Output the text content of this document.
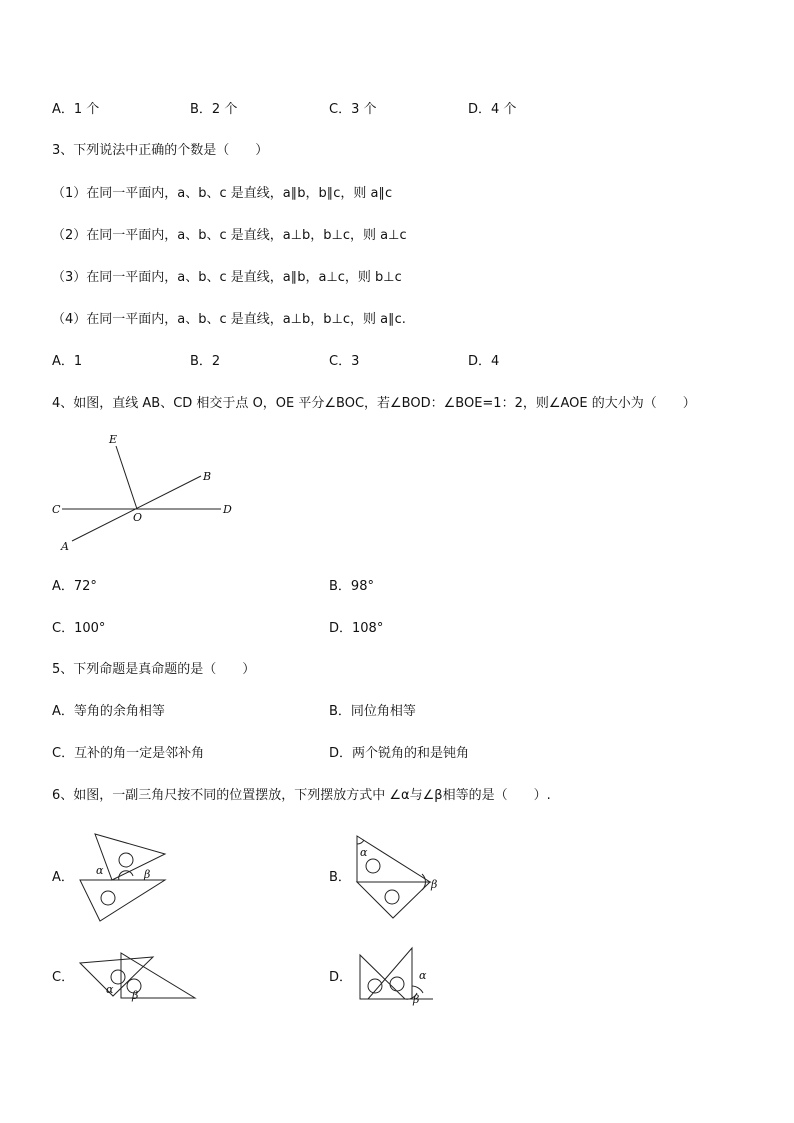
A．1 个	B．2 个	C．3 个	D．4 个
3、下列说法中正确的个数是（　　）
（1）在同一平面内，a、b、c 是直线，a∥b，b∥c，则 a∥c
（2）在同一平面内，a、b、c 是直线，a⊥b，b⊥c，则 a⊥c
（3）在同一平面内，a、b、c 是直线，a∥b，a⊥c，则 b⊥c
（4）在同一平面内，a、b、c 是直线，a⊥b，b⊥c，则 a∥c.
A．1	B．2	C．3	D．4
4、如图，直线 AB、CD 相交于点 O，OE 平分∠BOC，若∠BOD：∠BOE=1：2，则∠AOE 的大小为（　　）
E
B
C
O
D
A
A．72°	B．98°
C．100°	D．108°
5、下列命题是真命题的是（　　）
A．等角的余角相等	B．同位角相等
C．互补的角一定是邻补角	D．两个锐角的和是钝角
6、如图，一副三角尺按不同的位置摆放，下列摆放方式中 ∠α与∠β相等的是（　　）.
A．	B．
C．	D．
α	β
α
β
α β
α
β
